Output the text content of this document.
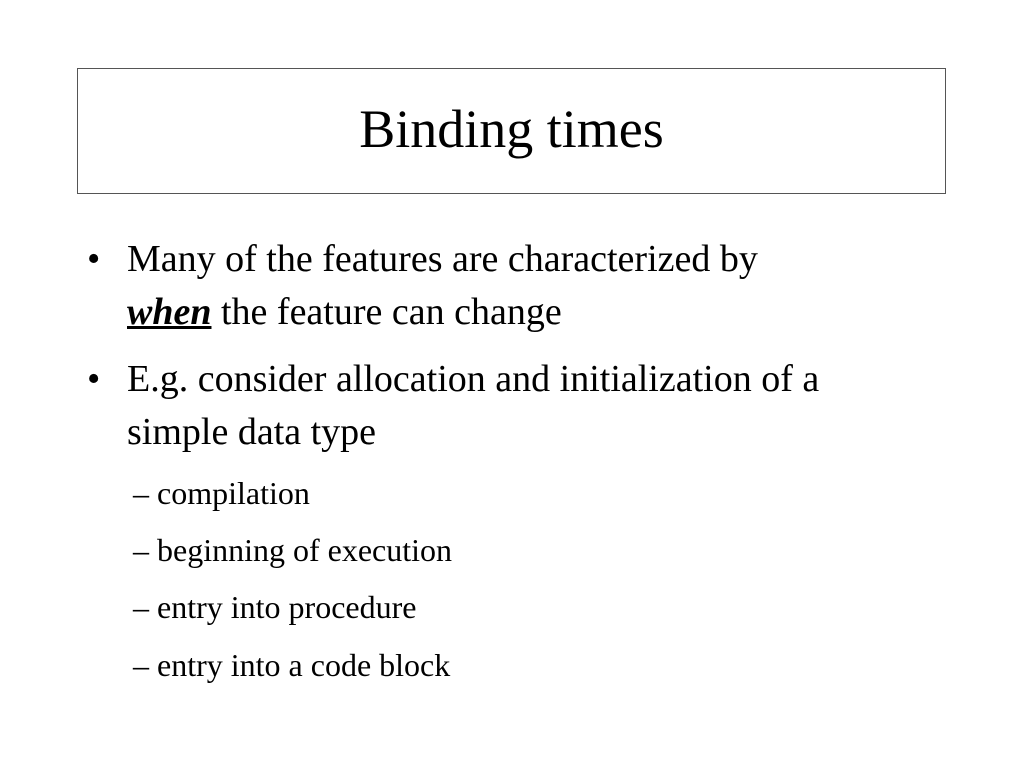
Binding times
• Many of the features are characterized by
when the feature can change
• E.g. consider allocation and initialization of a
simple data type
– compilation
– beginning of execution
– entry into procedure
– entry into a code block
